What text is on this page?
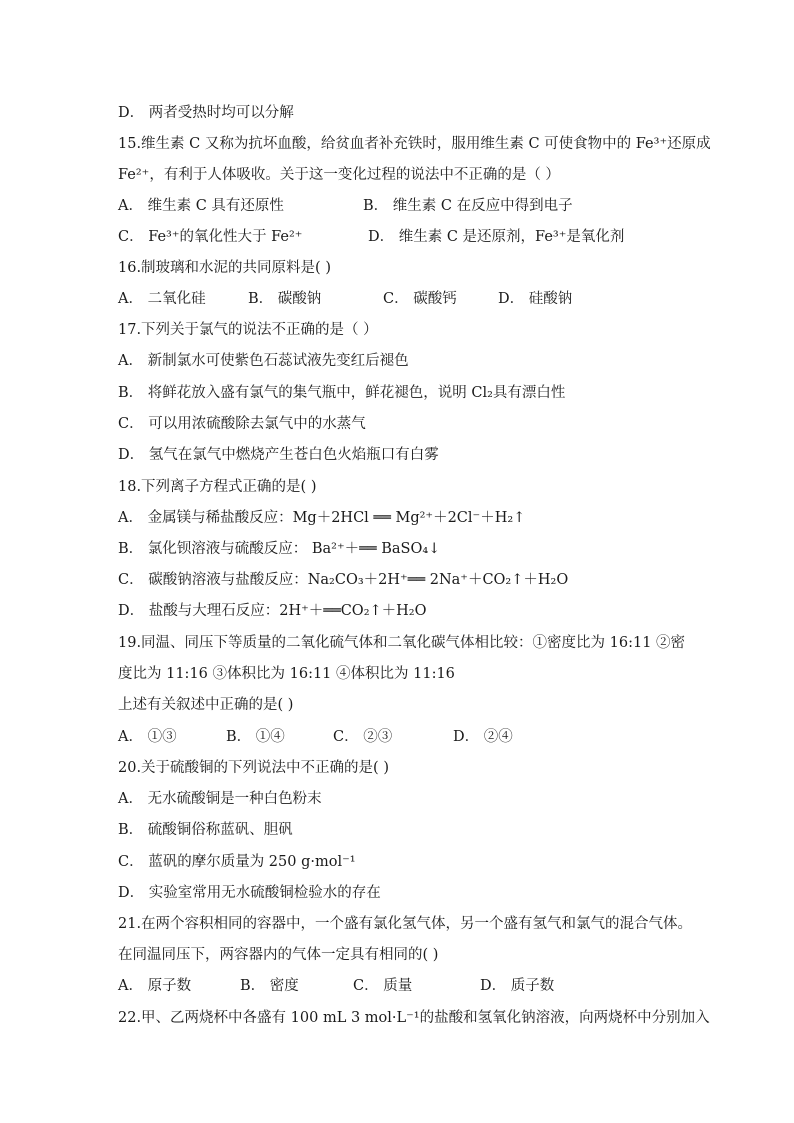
D． 两者受热时均可以分解
15.维生素 C 又称为抗坏血酸，给贫血者补充铁时，服用维生素 C 可使食物中的 Fe³⁺还原成
Fe²⁺，有利于人体吸收。关于这一变化过程的说法中不正确的是（ ）
A． 维生素 C 具有还原性	B． 维生素 C 在反应中得到电子
C． Fe³⁺的氧化性大于 Fe²⁺	D． 维生素 C 是还原剂，Fe³⁺是氧化剂
16.制玻璃和水泥的共同原料是( )
A． 二氧化硅	B． 碳酸钠	C． 碳酸钙	D． 硅酸钠
17.下列关于氯气的说法不正确的是（ ）
A． 新制氯水可使紫色石蕊试液先变红后褪色
B． 将鲜花放入盛有氯气的集气瓶中，鲜花褪色，说明 Cl₂具有漂白性
C． 可以用浓硫酸除去氯气中的水蒸气
D． 氢气在氯气中燃烧产生苍白色火焰瓶口有白雾
18.下列离子方程式正确的是( )
A． 金属镁与稀盐酸反应：Mg＋2HCl ══ Mg²⁺＋2Cl⁻＋H₂↑
B． 氯化钡溶液与硫酸反应： Ba²⁺＋══ BaSO₄↓
C． 碳酸钠溶液与盐酸反应：Na₂CO₃＋2H⁺══ 2Na⁺＋CO₂↑＋H₂O
D． 盐酸与大理石反应：2H⁺＋══CO₂↑＋H₂O
19.同温、同压下等质量的二氧化硫气体和二氧化碳气体相比较：①密度比为 16:11 ②密
度比为 11:16 ③体积比为 16:11 ④体积比为 11:16
上述有关叙述中正确的是( )
A． ①③	B． ①④	C． ②③	D． ②④
20.关于硫酸铜的下列说法中不正确的是( )
A． 无水硫酸铜是一种白色粉末
B． 硫酸铜俗称蓝矾、胆矾
C． 蓝矾的摩尔质量为 250 g·mol⁻¹
D． 实验室常用无水硫酸铜检验水的存在
21.在两个容积相同的容器中，一个盛有氯化氢气体，另一个盛有氢气和氯气的混合气体。
在同温同压下，两容器内的气体一定具有相同的( )
A． 原子数	B． 密度	C． 质量	D． 质子数
22.甲、乙两烧杯中各盛有 100 mL 3 mol·L⁻¹的盐酸和氢氧化钠溶液，向两烧杯中分别加入
